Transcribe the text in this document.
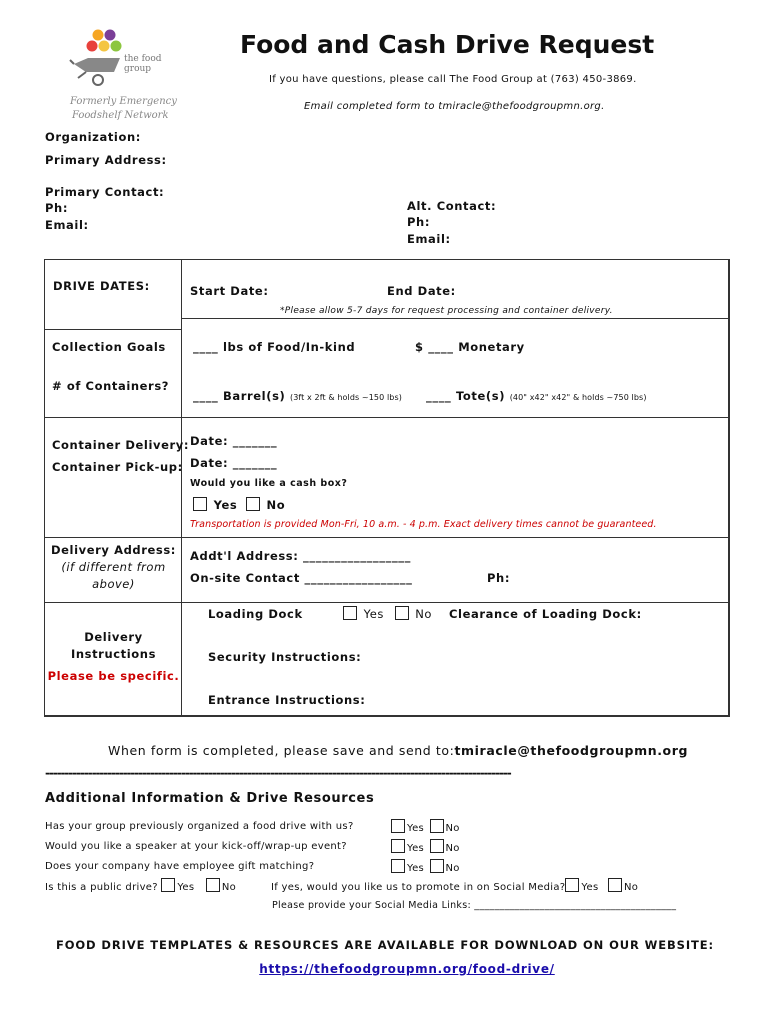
the food group
Formerly Emergency
Foodshelf Network
Food and Cash Drive Request
If you have questions, please call The Food Group at (763) 450-3869.
Email completed form to tmiracle@thefoodgroupmn.org.
Organization:
Primary Address:
Primary Contact:
Ph:
Email:
Alt. Contact:
Ph:
Email:
DRIVE DATES:	Start Date:	End Date:
*Please allow 5-7 days for request processing and container delivery.
Collection Goals ____ lbs of Food/In-kind	$ ____ Monetary
# of Containers?
____ Barrel(s) (3ft x 2ft & holds ~150 lbs) ____ Tote(s) (40" x42" x42" & holds ~750 lbs)
Container Delivery:
Container Pick-up:
Date: _______
Date: _______
Would you like a cash box?
Yes	No
Transportation is provided Mon-Fri, 10 a.m. - 4 p.m. Exact delivery times cannot be guaranteed.
Delivery Address:
(if different from
above)
Addt'l Address: _________________
On-site Contact _________________	Ph:
Delivery
Instructions
Please be specific.
Loading Dock	Yes	No Clearance of Loading Dock:
Security Instructions:
Entrance Instructions:
When form is completed, please save and send to:tmiracle@thefoodgroupmn.org
------------------------------------------------------------------------------------------------------------------------
Additional Information & Drive Resources
Has your group previously organized a food drive with us?	Yes No
Would you like a speaker at your kick-off/wrap-up event?	Yes No
Does your company have employee gift matching?	Yes No
Is this a public drive? Yes	No	If yes, would you like us to promote in on Social Media? Yes	No
Please provide your Social Media Links: ________________________________________
FOOD DRIVE TEMPLATES & RESOURCES ARE AVAILABLE FOR DOWNLOAD ON OUR WEBSITE:
https://thefoodgroupmn.org/food-drive/
